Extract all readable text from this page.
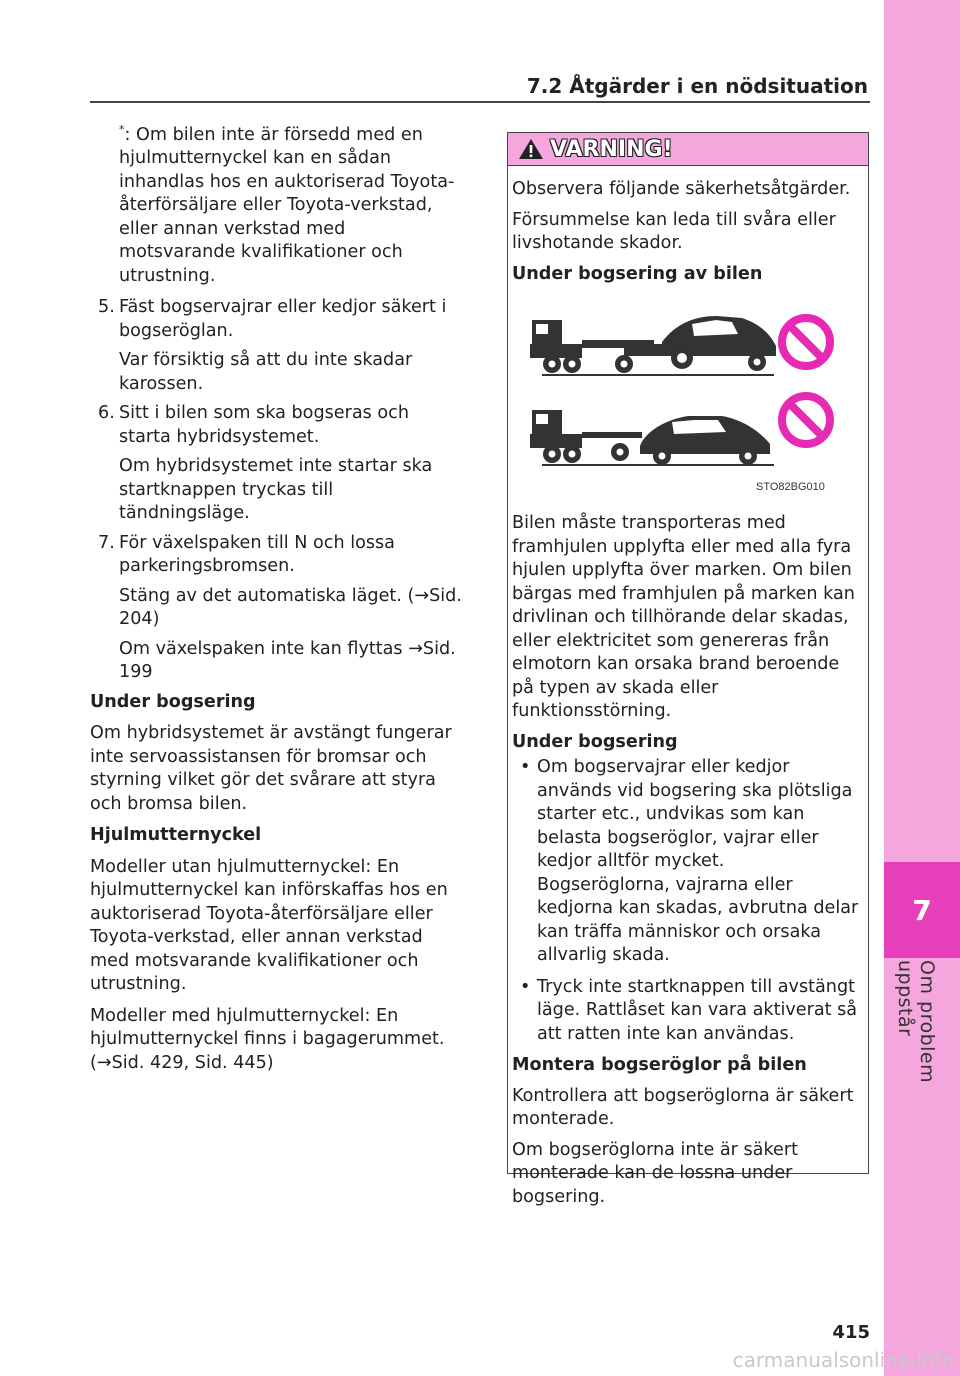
7
Om problem uppstår
7.2 Åtgärder i en nödsituation

*: Om bilen inte är försedd med en hjulmutternyckel kan en sådan inhandlas hos en auktoriserad Toyota-återförsäljare eller Toyota-verkstad, eller annan verkstad med motsvarande kvalifikationer och utrustning.

5. Fäst bogservajrar eller kedjor säkert i bogseröglan.

Var försiktig så att du inte skadar karossen.

6. Sitt i bilen som ska bogseras och starta hybridsystemet.

Om hybridsystemet inte startar ska startknappen tryckas till tändningsläge.

7. För växelspaken till N och lossa parkeringsbromsen.

Stäng av det automatiska läget. (→Sid. 204)

Om växelspaken inte kan flyttas →Sid. 199

Under bogsering

Om hybridsystemet är avstängt fungerar inte servoassistansen för bromsar och styrning vilket gör det svårare att styra och bromsa bilen.

Hjulmutternyckel

Modeller utan hjulmutternyckel: En hjulmutternyckel kan införskaffas hos en auktoriserad Toyota-återförsäljare eller Toyota-verkstad, eller annan verkstad med motsvarande kvalifikationer och utrustning.

Modeller med hjulmutternyckel: En hjulmutternyckel finns i bagagerummet. (→Sid. 429, Sid. 445)

VARNING!

Observera följande säkerhetsåtgärder.

Försummelse kan leda till svåra eller livshotande skador.

Under bogsering av bilen

STO82BG010

Bilen måste transporteras med framhjulen upplyfta eller med alla fyra hjulen upplyfta över marken. Om bilen bärgas med framhjulen på marken kan drivlinan och tillhörande delar skadas, eller elektricitet som genereras från elmotorn kan orsaka brand beroende på typen av skada eller funktionsstörning.

Under bogsering

• Om bogservajrar eller kedjor används vid bogsering ska plötsliga starter etc., undvikas som kan belasta bogseröglor, vajrar eller kedjor alltför mycket. Bogseröglorna, vajrarna eller kedjorna kan skadas, avbrutna delar kan träffa människor och orsaka allvarlig skada.
• Tryck inte startknappen till avstängt läge. Rattlåset kan vara aktiverat så att ratten inte kan användas.

Montera bogseröglor på bilen

Kontrollera att bogseröglorna är säkert monterade.

Om bogseröglorna inte är säkert monterade kan de lossna under bogsering.

415
carmanualsonline.info
